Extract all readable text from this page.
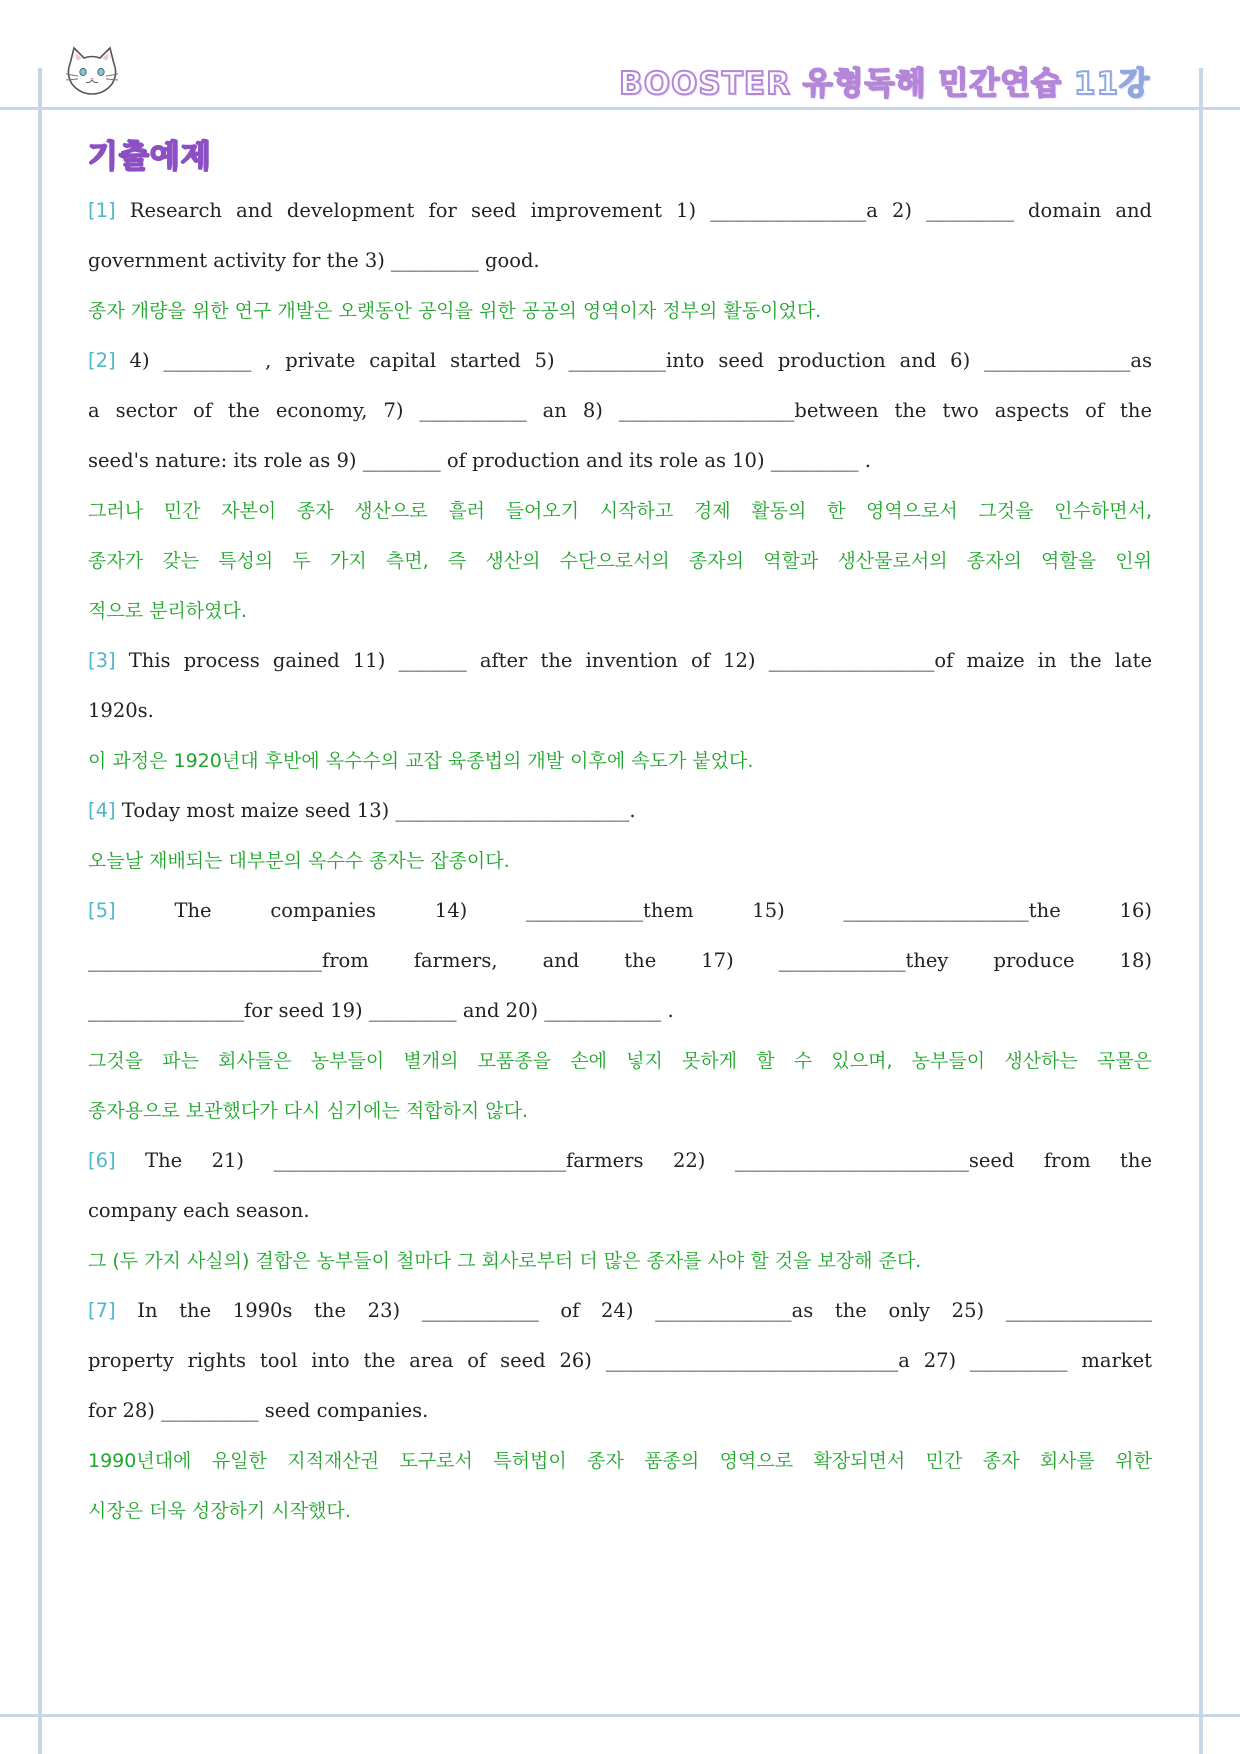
BOOSTER 유형독해 민간연습 11강
기출예제
[1] Research and development for seed improvement 1) ________________a 2) _________ domain and
government activity for the 3) _________ good.
종자 개량을 위한 연구 개발은 오랫동안 공익을 위한 공공의 영역이자 정부의 활동이었다.
[2] 4) _________ , private capital started 5) __________into seed production and 6) _______________as
a sector of the economy, 7) ___________ an 8) __________________between the two aspects of the
seed's nature: its role as 9) ________ of production and its role as 10) _________ .
그러나 민간 자본이 종자 생산으로 흘러 들어오기 시작하고 경제 활동의 한 영역으로서 그것을 인수하면서,
종자가 갖는 특성의 두 가지 측면, 즉 생산의 수단으로서의 종자의 역할과 생산물로서의 종자의 역할을 인위
적으로 분리하였다.
[3] This process gained 11) _______ after the invention of 12) _________________of maize in the late
1920s.
이 과정은 1920년대 후반에 옥수수의 교잡 육종법의 개발 이후에 속도가 붙었다.
[4] Today most maize seed 13) ________________________.
오늘날 재배되는 대부분의 옥수수 종자는 잡종이다.
[5] The companies 14) ____________them 15) ___________________the 16)
________________________from farmers, and the 17) _____________they produce 18)
________________for seed 19) _________ and 20) ____________ .
그것을 파는 회사들은 농부들이 별개의 모품종을 손에 넣지 못하게 할 수 있으며, 농부들이 생산하는 곡물은
종자용으로 보관했다가 다시 심기에는 적합하지 않다.
[6] The 21) ______________________________farmers 22) ________________________seed from the
company each season.
그 (두 가지 사실의) 결합은 농부들이 철마다 그 회사로부터 더 많은 종자를 사야 할 것을 보장해 준다.
[7] In the 1990s the 23) ____________ of 24) ______________as the only 25) _______________
property rights tool into the area of seed 26) ______________________________a 27) __________ market
for 28) __________ seed companies.
1990년대에 유일한 지적재산권 도구로서 특허법이 종자 품종의 영역으로 확장되면서 민간 종자 회사를 위한
시장은 더욱 성장하기 시작했다.
